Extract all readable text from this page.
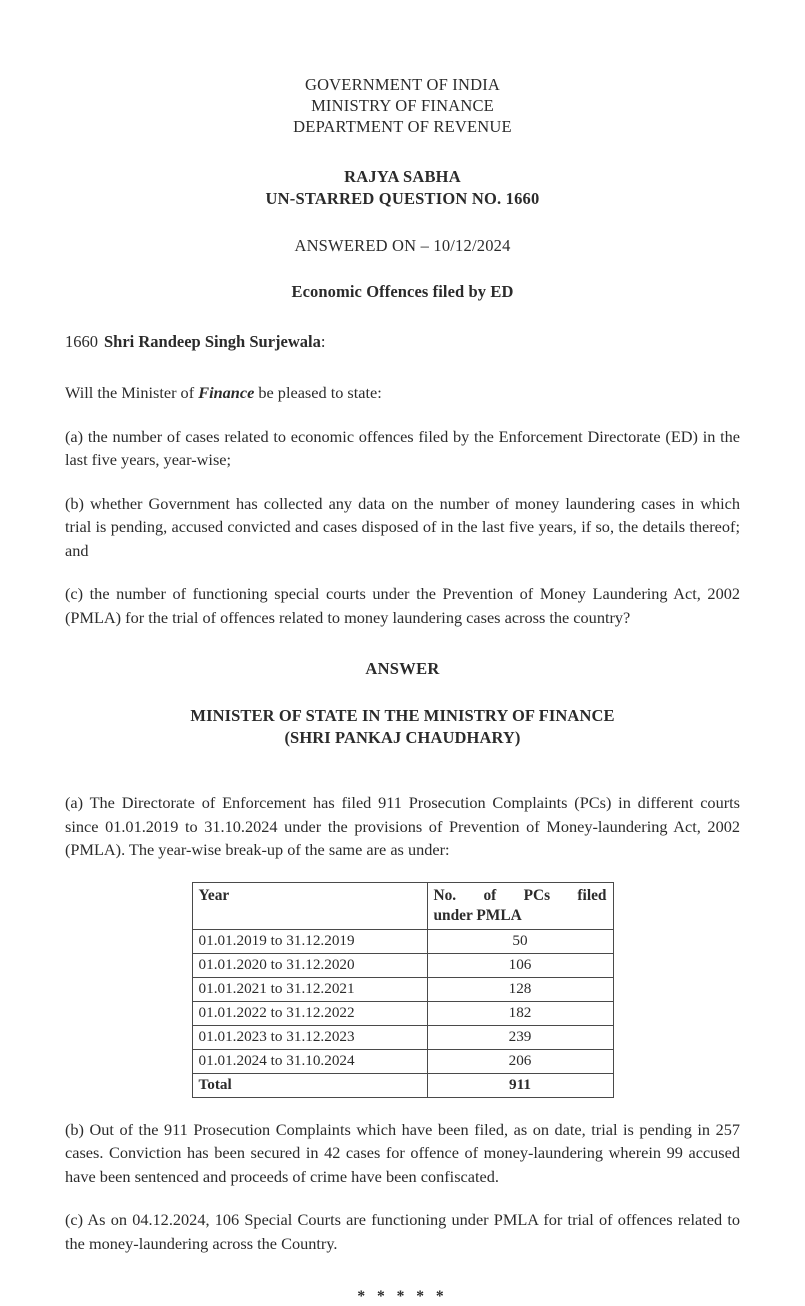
GOVERNMENT OF INDIA
MINISTRY OF FINANCE
DEPARTMENT OF REVENUE
RAJYA SABHA
UN-STARRED QUESTION NO. 1660
ANSWERED ON – 10/12/2024
Economic Offences filed by ED
1660 Shri Randeep Singh Surjewala:
Will the Minister of Finance be pleased to state:
(a) the number of cases related to economic offences filed by the Enforcement Directorate (ED) in the last five years, year-wise;
(b) whether Government has collected any data on the number of money laundering cases in which trial is pending, accused convicted and cases disposed of in the last five years, if so, the details thereof; and
(c) the number of functioning special courts under the Prevention of Money Laundering Act, 2002 (PMLA) for the trial of offences related to money laundering cases across the country?
ANSWER
MINISTER OF STATE IN THE MINISTRY OF FINANCE
(SHRI PANKAJ CHAUDHARY)
(a) The Directorate of Enforcement has filed 911 Prosecution Complaints (PCs) in different courts since 01.01.2019 to 31.10.2024 under the provisions of Prevention of Money-laundering Act, 2002 (PMLA). The year-wise break-up of the same are as under:
Year	No. of PCs filed
under PMLA

01.01.2019 to 31.12.2019	50
01.01.2020 to 31.12.2020	106
01.01.2021 to 31.12.2021	128
01.01.2022 to 31.12.2022	182
01.01.2023 to 31.12.2023	239
01.01.2024 to 31.10.2024	206
Total	911
(b) Out of the 911 Prosecution Complaints which have been filed, as on date, trial is pending in 257 cases. Conviction has been secured in 42 cases for offence of money-laundering wherein 99 accused have been sentenced and proceeds of crime have been confiscated.
(c) As on 04.12.2024, 106 Special Courts are functioning under PMLA for trial of offences related to the money-laundering across the Country.
* * * * *
